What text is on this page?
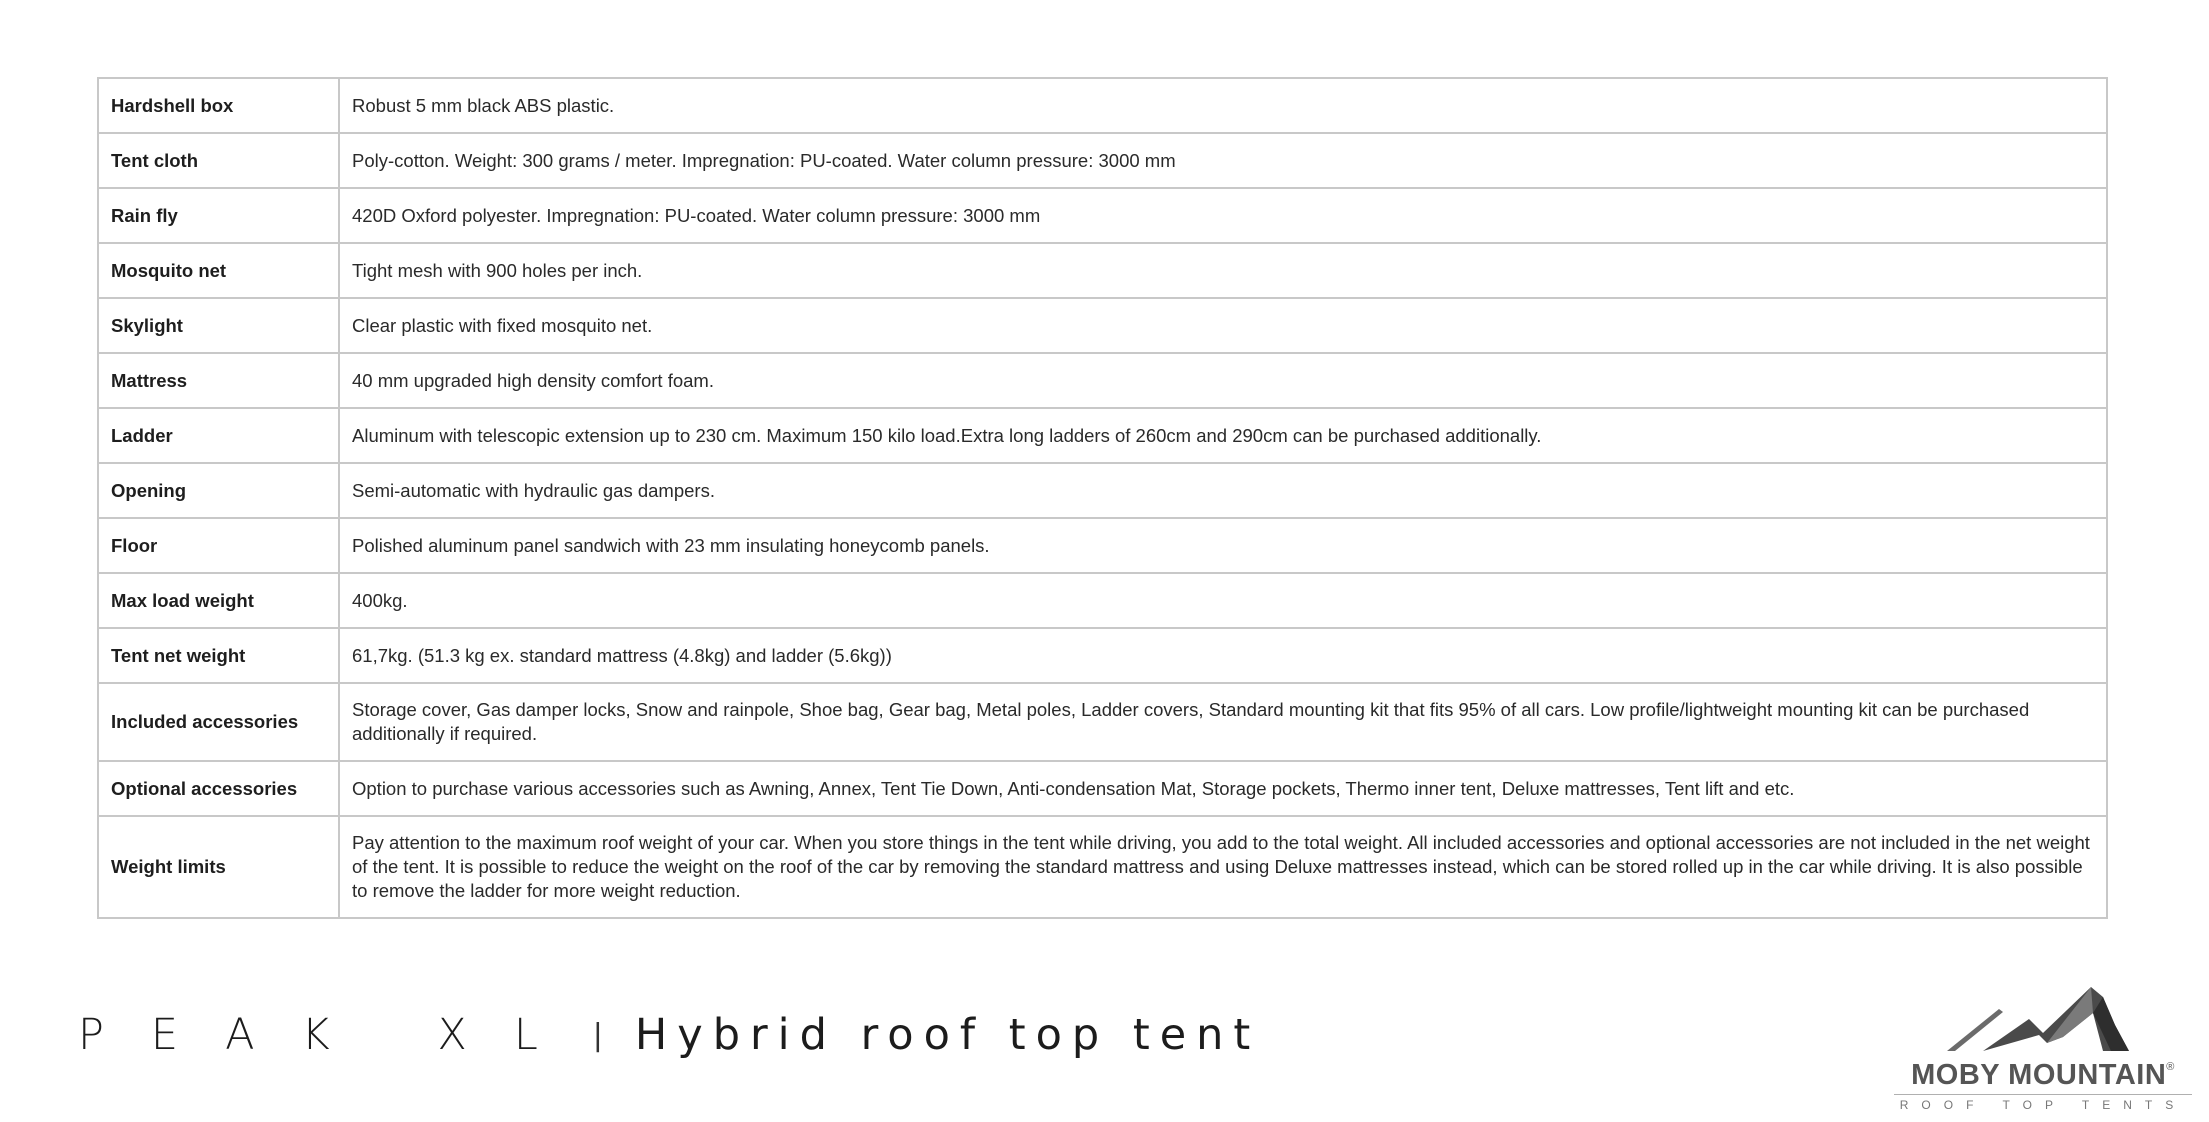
Hardshell box	Robust 5 mm black ABS plastic.
Tent cloth	Poly-cotton. Weight: 300 grams / meter. Impregnation: PU-coated. Water column pressure: 3000 mm
Rain fly	420D Oxford polyester. Impregnation: PU-coated. Water column pressure: 3000 mm
Mosquito net	Tight mesh with 900 holes per inch.
Skylight	Clear plastic with fixed mosquito net.
Mattress	40 mm upgraded high density comfort foam.
Ladder	Aluminum with telescopic extension up to 230 cm. Maximum 150 kilo load.Extra long ladders of 260cm and 290cm can be purchased additionally.
Opening	Semi-automatic with hydraulic gas dampers.
Floor	Polished aluminum panel sandwich with 23 mm insulating honeycomb panels.
Max load weight	400kg.
Tent net weight	61,7kg. (51.3 kg ex. standard mattress (4.8kg) and ladder (5.6kg))
Included accessories	Storage cover, Gas damper locks, Snow and rainpole, Shoe bag, Gear bag, Metal poles, Ladder covers, Standard mounting kit that fits 95% of all cars. Low profile/lightweight mounting kit can be purchased additionally if required.
Optional accessories	Option to purchase various accessories such as Awning, Annex, Tent Tie Down, Anti-condensation Mat, Storage pockets, Thermo inner tent, Deluxe mattresses, Tent lift and etc.
Weight limits	Pay attention to the maximum roof weight of your car. When you store things in the tent while driving, you add to the total weight. All included accessories and optional accessories are not included in the net weight of the tent. It is possible to reduce the weight on the roof of the car by removing the standard mattress and using Deluxe mattresses instead, which can be stored rolled up in the car while driving. It is also possible to remove the ladder for more weight reduction.
PEAK XL | Hybrid roof top tent
MOBY MOUNTAIN®
ROOF TOP TENTS
